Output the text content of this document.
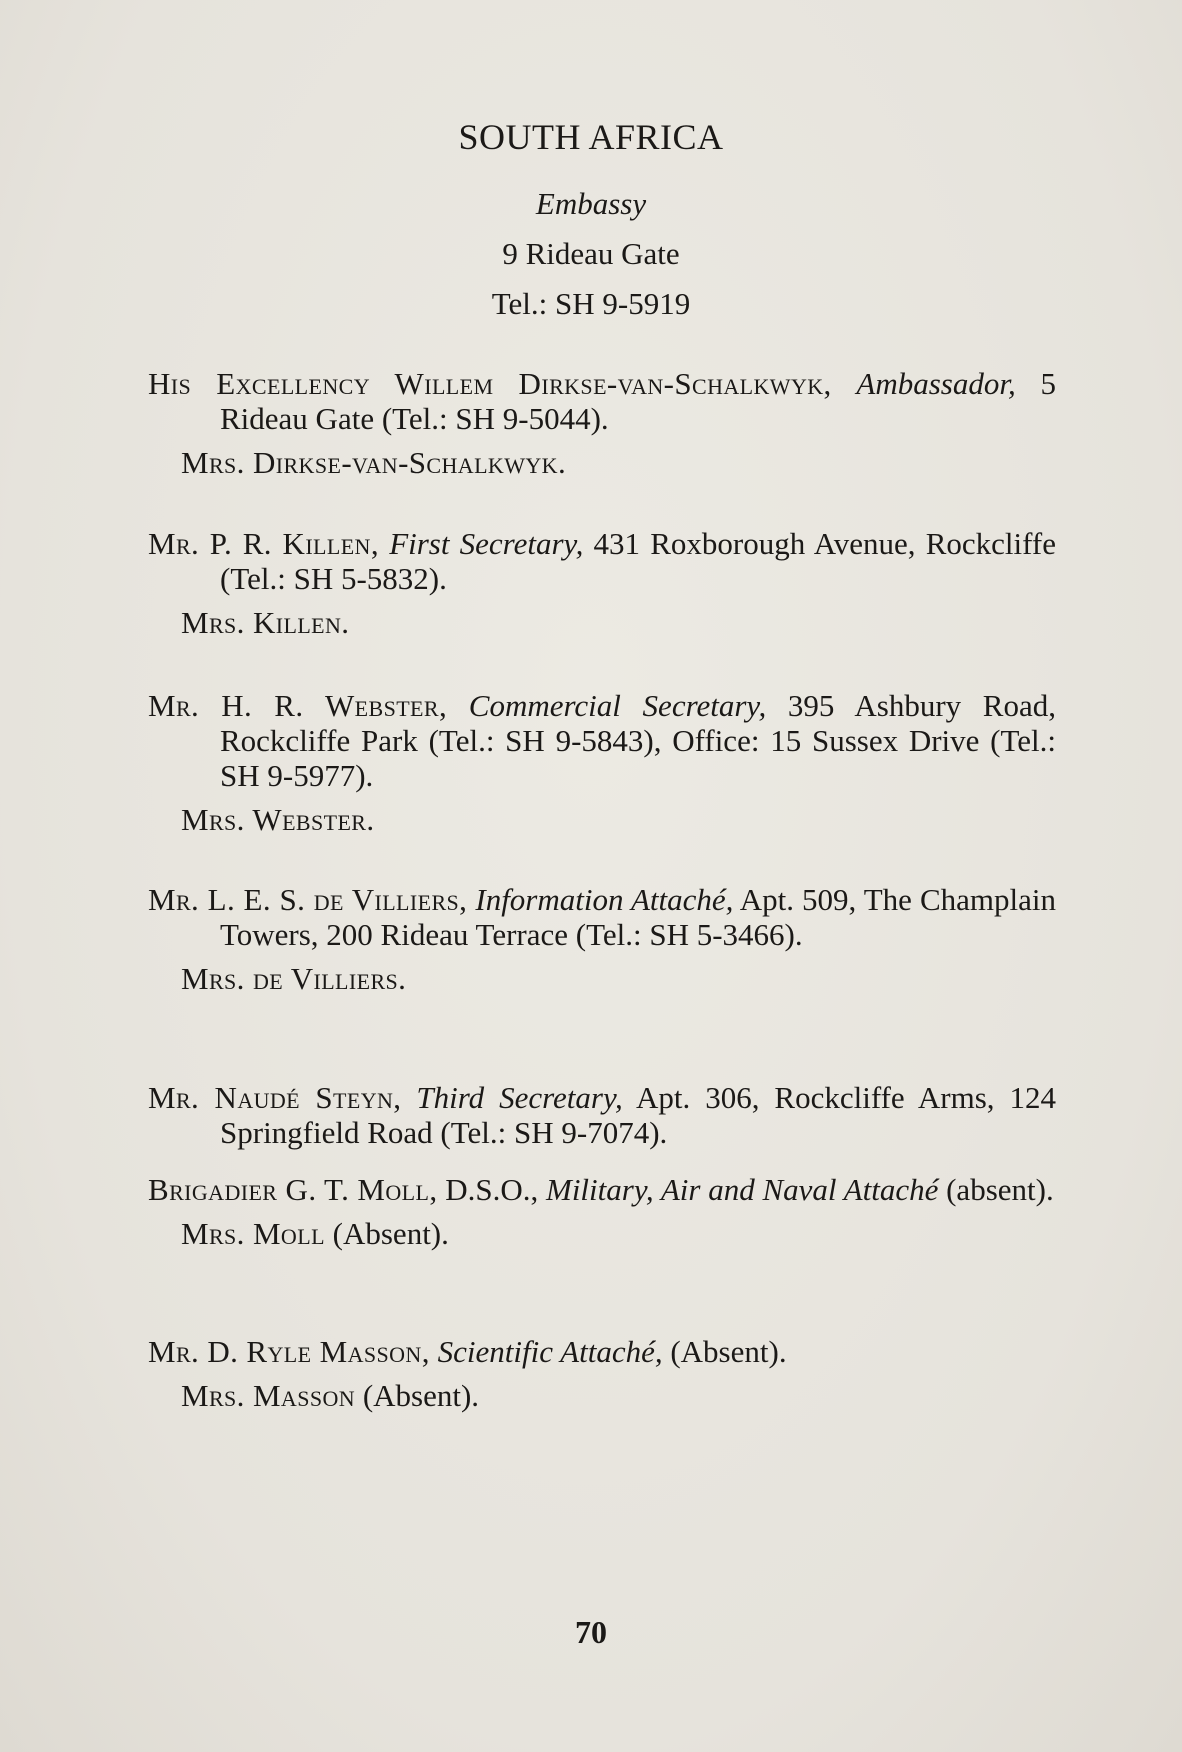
SOUTH AFRICA
Embassy
9 Rideau Gate
Tel.: SH 9-5919
His Excellency Willem Dirkse-van-Schalkwyk, Ambassador, 5 Rideau Gate (Tel.: SH 9-5044).
Mrs. Dirkse-van-Schalkwyk.
Mr. P. R. Killen, First Secretary, 431 Roxborough Avenue, Rockcliffe (Tel.: SH 5-5832).
Mrs. Killen.
Mr. H. R. Webster, Commercial Secretary, 395 Ashbury Road, Rockcliffe Park (Tel.: SH 9-5843), Office: 15 Sussex Drive (Tel.: SH 9-5977).
Mrs. Webster.
Mr. L. E. S. de Villiers, Information Attaché, Apt. 509, The Champlain Towers, 200 Rideau Terrace (Tel.: SH 5-3466).
Mrs. de Villiers.
Mr. Naudé Steyn, Third Secretary, Apt. 306, Rockcliffe Arms, 124 Springfield Road (Tel.: SH 9-7074).
Brigadier G. T. Moll, D.S.O., Military, Air and Naval Attaché (absent).
Mrs. Moll (Absent).
Mr. D. Ryle Masson, Scientific Attaché, (Absent).
Mrs. Masson (Absent).
70
